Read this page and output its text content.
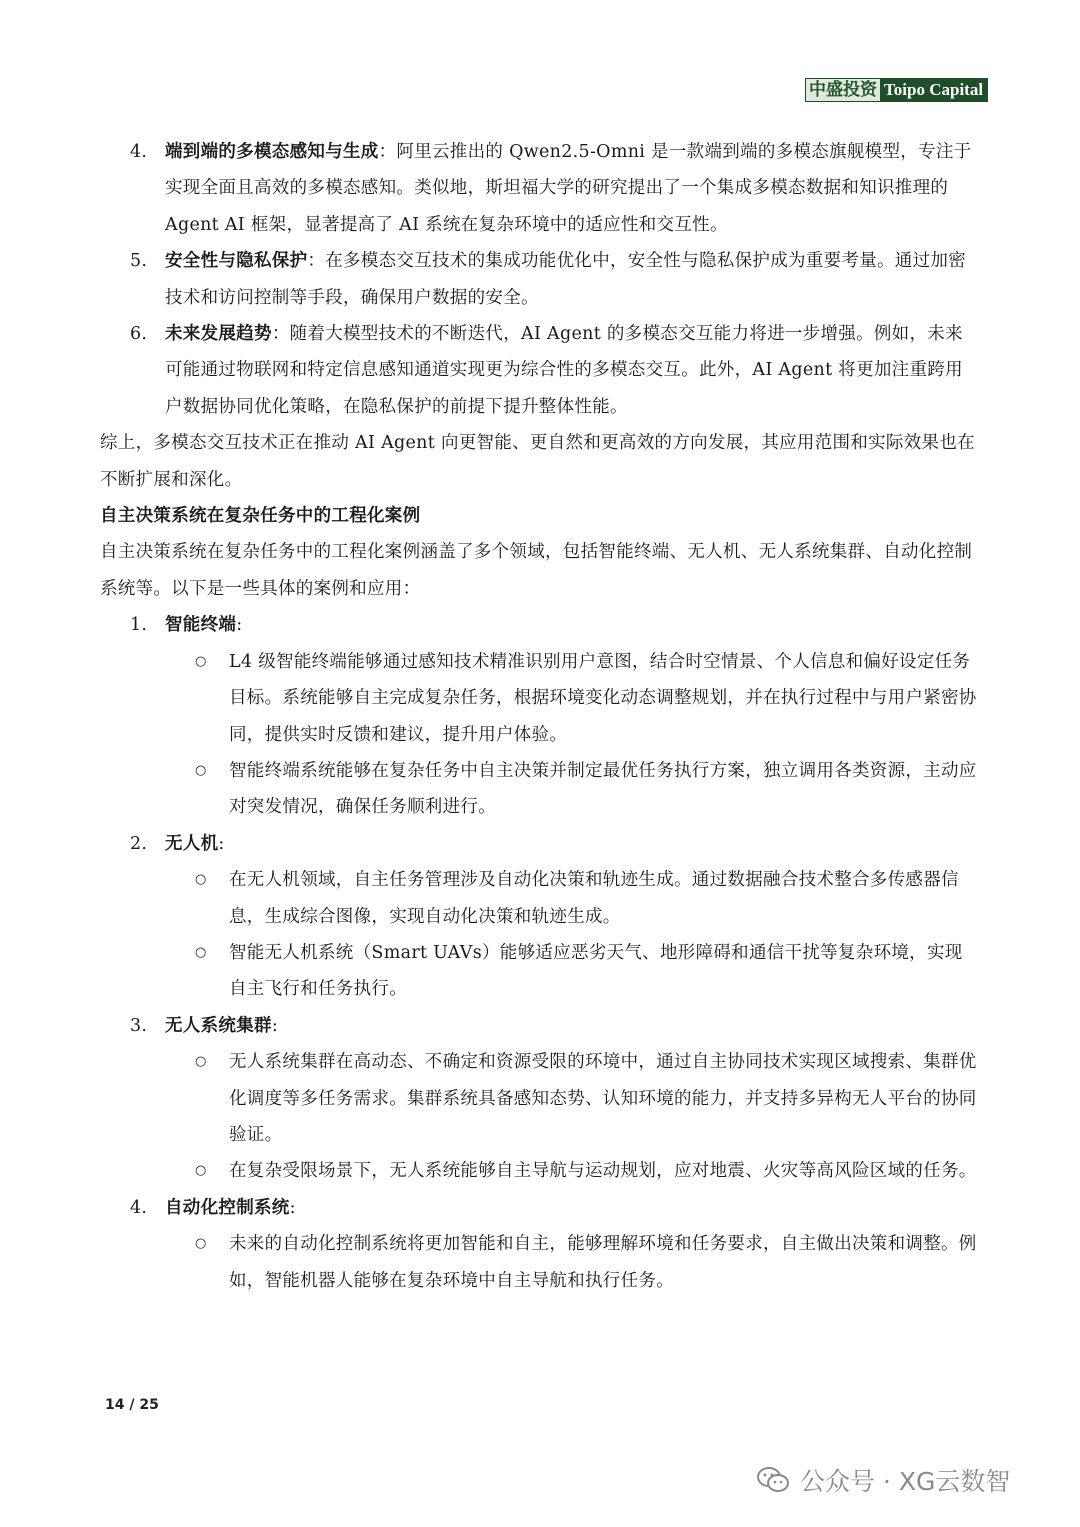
中盛投资 Toipo Capital
4. 端到端的多模态感知与生成：阿里云推出的 Qwen2.5-Omni 是一款端到端的多模态旗舰模型，专注于实现全面且高效的多模态感知。类似地，斯坦福大学的研究提出了一个集成多模态数据和知识推理的 Agent AI 框架，显著提高了 AI 系统在复杂环境中的适应性和交互性。
5. 安全性与隐私保护：在多模态交互技术的集成功能优化中，安全性与隐私保护成为重要考量。通过加密技术和访问控制等手段，确保用户数据的安全。
6. 未来发展趋势：随着大模型技术的不断迭代，AI Agent 的多模态交互能力将进一步增强。例如，未来可能通过物联网和特定信息感知通道实现更为综合性的多模态交互。此外，AI Agent 将更加注重跨用户数据协同优化策略，在隐私保护的前提下提升整体性能。
综上，多模态交互技术正在推动 AI Agent 向更智能、更自然和更高效的方向发展，其应用范围和实际效果也在不断扩展和深化。
自主决策系统在复杂任务中的工程化案例
自主决策系统在复杂任务中的工程化案例涵盖了多个领域，包括智能终端、无人机、无人系统集群、自动化控制系统等。以下是一些具体的案例和应用：
1. 智能终端:
○ L4 级智能终端能够通过感知技术精准识别用户意图，结合时空情景、个人信息和偏好设定任务目标。系统能够自主完成复杂任务，根据环境变化动态调整规划，并在执行过程中与用户紧密协同，提供实时反馈和建议，提升用户体验。
○ 智能终端系统能够在复杂任务中自主决策并制定最优任务执行方案，独立调用各类资源，主动应对突发情况，确保任务顺利进行。
2. 无人机:
○ 在无人机领域，自主任务管理涉及自动化决策和轨迹生成。通过数据融合技术整合多传感器信息，生成综合图像，实现自动化决策和轨迹生成。
○ 智能无人机系统（Smart UAVs）能够适应恶劣天气、地形障碍和通信干扰等复杂环境，实现自主飞行和任务执行。
3. 无人系统集群:
○ 无人系统集群在高动态、不确定和资源受限的环境中，通过自主协同技术实现区域搜索、集群优化调度等多任务需求。集群系统具备感知态势、认知环境的能力，并支持多异构无人平台的协同验证。
○ 在复杂受限场景下，无人系统能够自主导航与运动规划，应对地震、火灾等高风险区域的任务。
4. 自动化控制系统:
○ 未来的自动化控制系统将更加智能和自主，能够理解环境和任务要求，自主做出决策和调整。例如，智能机器人能够在复杂环境中自主导航和执行任务。
14 / 25
公众号 · XG云数智
